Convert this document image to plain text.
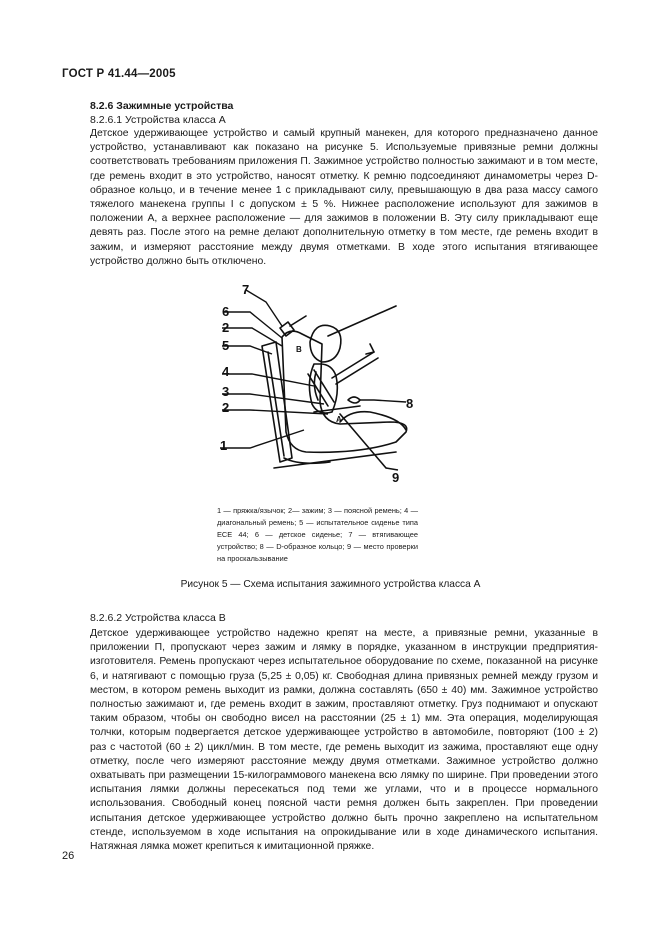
ГОСТ Р 41.44—2005
8.2.6 Зажимные устройства
8.2.6.1 Устройства класса А

Детское удерживающее устройство и самый крупный манекен, для которого предназначено данное устройство, устанавливают как показано на рисунке 5. Используемые привязные ремни должны соответствовать требованиям приложения П. Зажимное устройство полностью зажимают и в том месте, где ремень входит в это устройство, наносят отметку. К ремню подсоединяют динамометры через D-образное кольцо, и в течение менее 1 с прикладывают силу, превышающую в два раза массу самого тяжелого манекена группы I с допуском ± 5 %. Нижнее расположение используют для зажимов в положении А, а верхнее расположение — для зажимов в положении В. Эту силу прикладывают еще девять раз. После этого на ремне делают дополнительную отметку в том месте, где ремень входит в зажим, и измеряют расстояние между двумя отметками. В ходе этого испытания втягивающее устройство должно быть отключено.

7
6
2
5
4
3
2
1
8
9
B
A

1 — пряжка/язычок; 2— зажим; 3 — поясной ремень; 4 — диагональный ремень; 5 — испытательное сиденье типа ЕСЕ 44; 6 — детское сиденье; 7 — втягивающее устройство; 8 — D-образное кольцо; 9 — место проверки на проскальзывание

Рисунок 5 — Схема испытания зажимного устройства класса А
8.2.6.2 Устройства класса В

Детское удерживающее устройство надежно крепят на месте, а привязные ремни, указанные в приложении П, пропускают через зажим и лямку в порядке, указанном в инструкции предприятия-изготовителя. Ремень пропускают через испытательное оборудование по схеме, показанной на рисунке 6, и натягивают с помощью груза (5,25 ± 0,05) кг. Свободная длина привязных ремней между грузом и местом, в котором ремень выходит из рамки, должна составлять (650 ± 40) мм. Зажимное устройство полностью зажимают и, где ремень входит в зажим, проставляют отметку. Груз поднимают и опускают таким образом, чтобы он свободно висел на расстоянии (25 ± 1) мм. Эта операция, моделирующая толчки, которым подвергается детское удерживающее устройство в автомобиле, повторяют (100 ± 2) раз с частотой (60 ± 2) цикл/мин. В том месте, где ремень выходит из зажима, проставляют еще одну отметку, после чего измеряют расстояние между двумя отметками. Зажимное устройство должно охватывать при размещении 15-килограммового манекена всю лямку по ширине. При проведении этого испытания лямки должны пересекаться под теми же углами, что и в процессе нормального использования. Свободный конец поясной части ремня должен быть закреплен. При проведении испытания детское удерживающее устройство должно быть прочно закреплено на испытательном стенде, используемом в ходе испытания на опрокидывание или в ходе динамического испытания. Натяжная лямка может крепиться к имитационной пряжке.

26
